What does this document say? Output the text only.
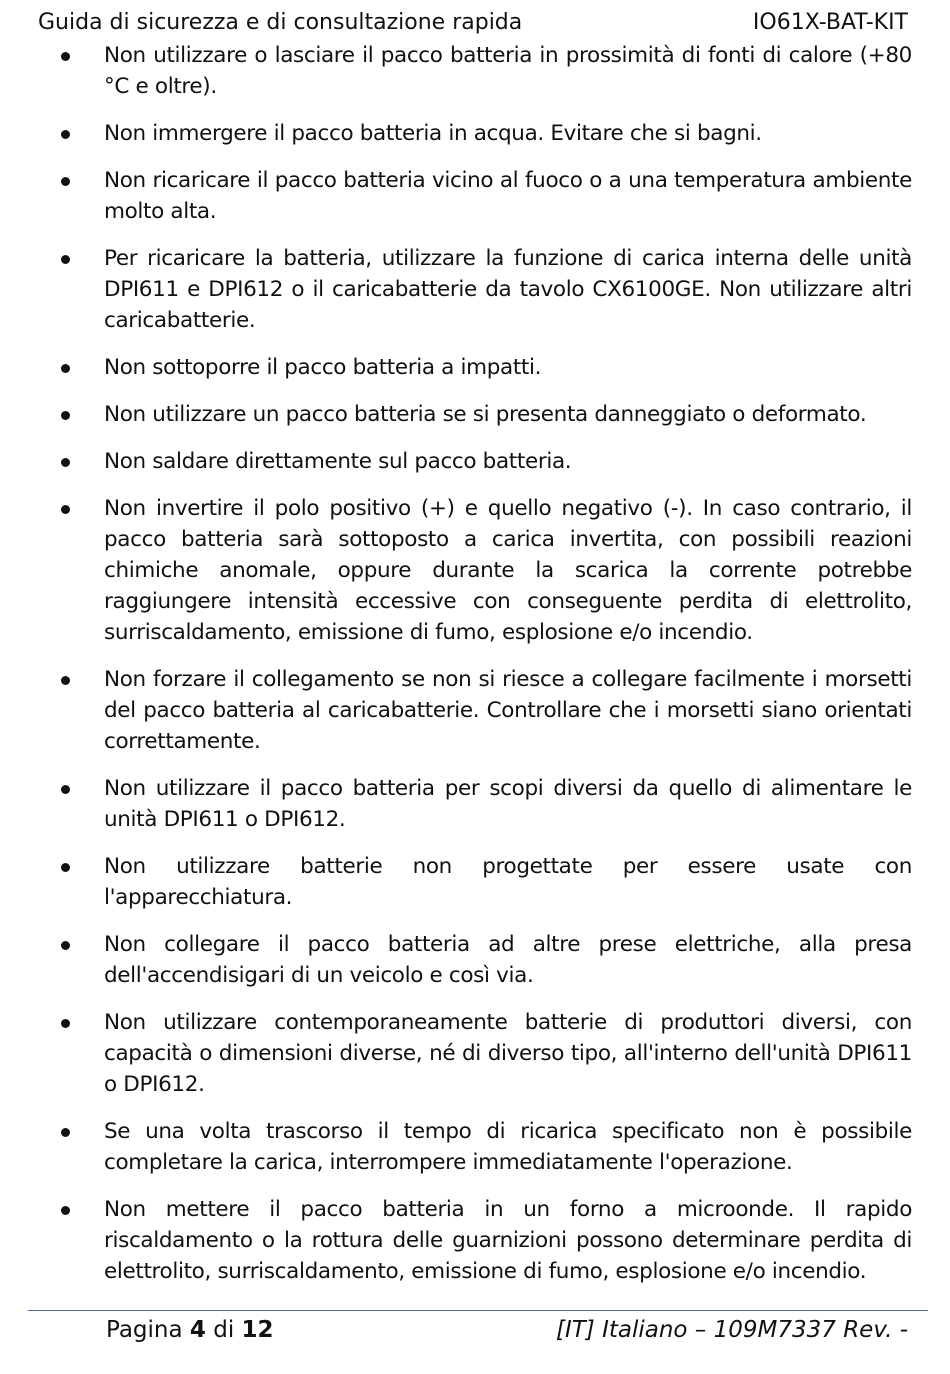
Guida di sicurezza e di consultazione rapida	IO61X-BAT-KIT
Non utilizzare o lasciare il pacco batteria in prossimità di fonti di calore (+80 °C e oltre).
Non immergere il pacco batteria in acqua. Evitare che si bagni.
Non ricaricare il pacco batteria vicino al fuoco o a una temperatura ambiente molto alta.
Per ricaricare la batteria, utilizzare la funzione di carica interna delle unità DPI611 e DPI612 o il caricabatterie da tavolo CX6100GE. Non utilizzare altri caricabatterie.
Non sottoporre il pacco batteria a impatti.
Non utilizzare un pacco batteria se si presenta danneggiato o deformato.
Non saldare direttamente sul pacco batteria.
Non invertire il polo positivo (+) e quello negativo (-). In caso contrario, il pacco batteria sarà sottoposto a carica invertita, con possibili reazioni chimiche anomale, oppure durante la scarica la corrente potrebbe raggiungere intensità eccessive con conseguente perdita di elettrolito, surriscaldamento, emissione di fumo, esplosione e/o incendio.
Non forzare il collegamento se non si riesce a collegare facilmente i morsetti del pacco batteria al caricabatterie. Controllare che i morsetti siano orientati correttamente.
Non utilizzare il pacco batteria per scopi diversi da quello di alimentare le unità DPI611 o DPI612.
Non utilizzare batterie non progettate per essere usate con l'apparecchiatura.
Non collegare il pacco batteria ad altre prese elettriche, alla presa dell'accendisigari di un veicolo e così via.
Non utilizzare contemporaneamente batterie di produttori diversi, con capacità o dimensioni diverse, né di diverso tipo, all'interno dell'unità DPI611 o DPI612.
Se una volta trascorso il tempo di ricarica specificato non è possibile completare la carica, interrompere immediatamente l'operazione.
Non mettere il pacco batteria in un forno a microonde. Il rapido riscaldamento o la rottura delle guarnizioni possono determinare perdita di elettrolito, surriscaldamento, emissione di fumo, esplosione e/o incendio.
Pagina 4 di 12	[IT] Italiano – 109M7337 Rev. -
